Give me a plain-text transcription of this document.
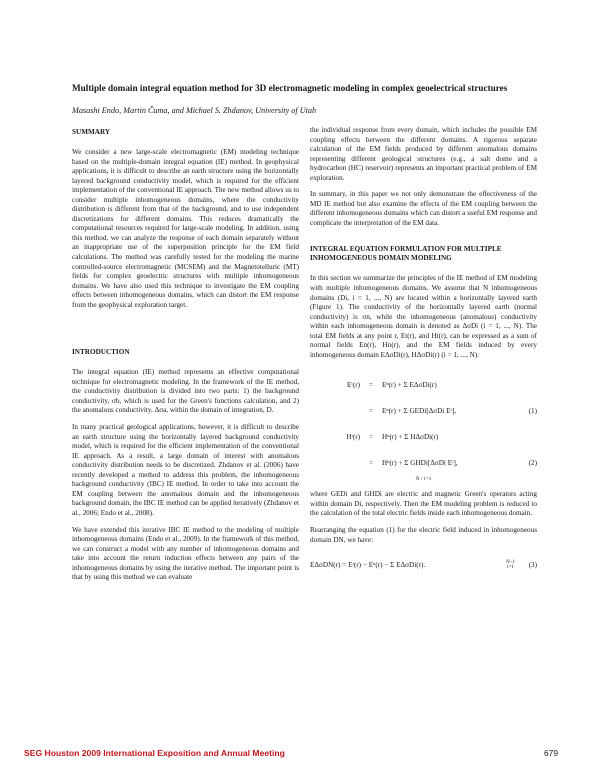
Multiple domain integral equation method for 3D electromagnetic modeling in complex geoelectrical structures
Masashi Endo, Martin Čuma, and Michael S. Zhdanov, University of Utah
SUMMARY

We consider a new large-scale electromagnetic (EM) modeling technique based on the multiple-domain integral equation (IE) method. In geophysical applications, it is difficult to describe an earth structure using the horizontally layered background conductivity model, which is required for the efficient implementation of the conventional IE approach. The new method allows us to consider multiple inhomogeneous domains, where the conductivity distribution is different from that of the background, and to use independent discretizations for different domains. This reduces dramatically the computational resources required for large-scale modeling. In addition, using this method, we can analyze the response of each domain separately without an inappropriate use of the superposition principle for the EM field calculations. The method was carefully tested for the modeling the marine controlled-source electromagnetic (MCSEM) and the Magnetotelluric (MT) fields for complex geoelectric structures with multiple inhomogeneous domains. We have also used this technique to investigate the EM coupling effects between inhomogeneous domains, which can distort the EM response from the geophysical exploration target.

INTRODUCTION

The integral equation (IE) method represents an effective computational technique for electromagnetic modeling. In the framework of the IE method, the conductivity distribution is divided into two parts: 1) the background conductivity, σb, which is used for the Green's functions calculation, and 2) the anomalous conductivity, Δσa, within the domain of integration, D.

In many practical geological applications, however, it is difficult to describe an earth structure using the horizontally layered background conductivity model, which is required for the efficient implementation of the conventional IE approach. As a result, a large domain of interest with anomalous conductivity distribution needs to be discretized. Zhdanov et al. (2006) have recently developed a method to address this problem, the inhomogeneous background conductivity (IBC) IE method. In order to take into account the EM coupling between the anomalous domain and the inhomogeneous background domain, the IBC IE method can be applied iteratively (Zhdanov et al., 2006; Endo et al., 2008).

We have extended this iterative IBC IE method to the modeling of multiple inhomogeneous domains (Endo et al., 2009). In the framework of this method, we can construct a model with any number of inhomogeneous domains and take into account the return induction effects between any pairs of the inhomogeneous domains by using the iterative method. The important point is that by using this method we can evaluate

the individual response from every domain, which includes the possible EM coupling effects between the different domains. A rigorous separate calculation of the EM fields produced by different anomalous domains representing different geological structures (e.g., a salt dome and a hydrocarbon (HC) reservoir) represents an important practical problem of EM exploration.

In summary, in this paper we not only demonstrate the effectiveness of the MD IE method but also examine the effects of the EM coupling between the different inhomogeneous domains which can distort a useful EM response and complicate the interpretation of the EM data.

INTEGRAL EQUATION FORMULATION FOR MULTIPLE INHOMOGENEOUS DOMAIN MODELING

In this section we summarize the principles of the IE method of EM modeling with multiple inhomogeneous domains. We assume that N inhomogeneous domains (Di, i = 1, ..., N) are located within a horizontally layered earth (Figure 1). The conductivity of the horizontally layered earth (normal conductivity) is σn, while the inhomogeneous (anomalous) conductivity within each inhomogeneous domain is denoted as ΔσDi (i = 1, ..., N). The total EM fields at any point r, Et(r), and Ht(r), can be expressed as a sum of normal fields En(r), Hn(r), and the EM fields induced by every inhomogeneous domain EΔσDi(r), HΔσDi(r) (i = 1, ..., N):

Eᵗ(r)	=	Eⁿ(r) + Σ EΔσDi(r)
=	Eⁿ(r) + Σ GEDi[ΔσDi Eᵗ],	(1)
Hᵗ(r)	=	Hⁿ(r) + Σ HΔσDi(r)
=	Hⁿ(r) + Σ GHDi[ΔσDi Eᵗ],	(2)
N / i=1

where GEDi and GHDi are electric and magnetic Green's operators acting within domain Di, respectively. Then the EM modeling problem is reduced to the calculation of the total electric fields inside each inhomogeneous domain.

Rearranging the equation (1) for the electric field induced in inhomogeneous domain DN, we have:

EΔσDN(r) = Eᵗ(r) − Eⁿ(r) − Σ EΔσDi(r).	N−1
i=1	(3)
SEG Houston 2009 International Exposition and Annual Meeting	679
